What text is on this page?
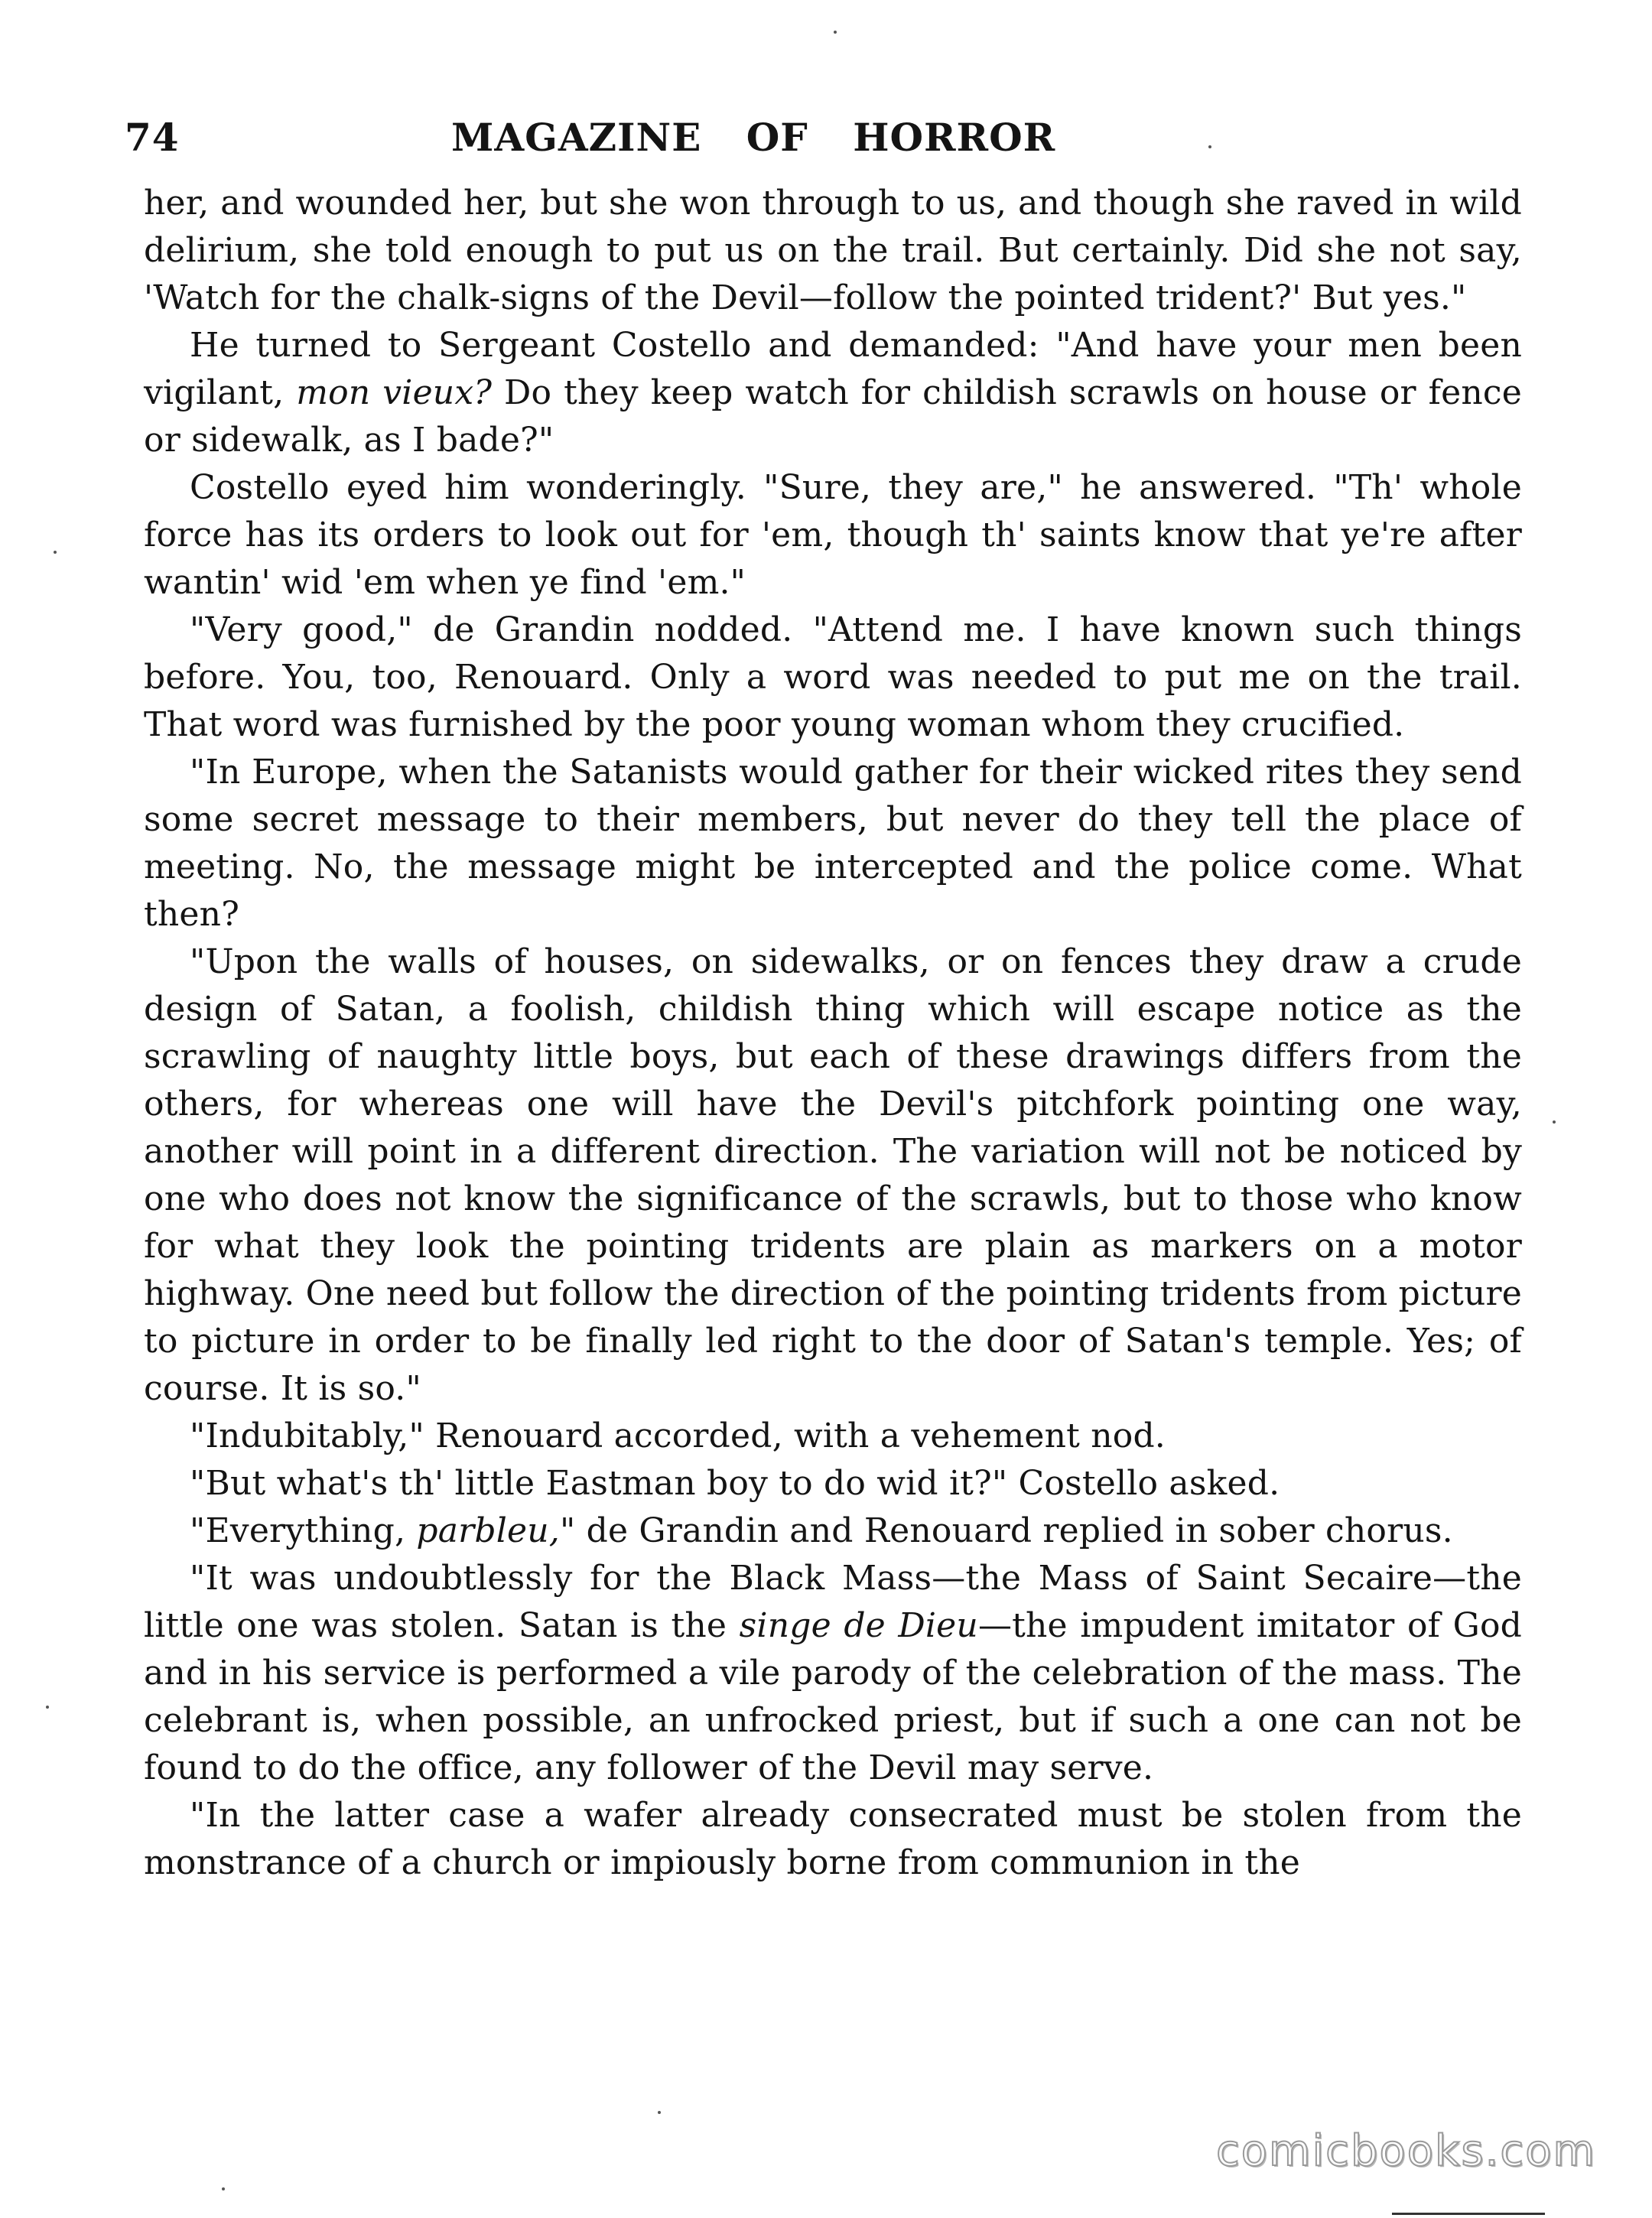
74	MAGAZINE OF HORROR

her, and wounded her, but she won through to us, and though she raved in wild delirium, she told enough to put us on the trail. But certainly. Did she not say, 'Watch for the chalk-signs of the Devil—follow the pointed trident?' But yes."

He turned to Sergeant Costello and demanded: "And have your men been vigilant, mon vieux? Do they keep watch for childish scrawls on house or fence or sidewalk, as I bade?"

Costello eyed him wonderingly. "Sure, they are," he answered. "Th' whole force has its orders to look out for 'em, though th' saints know that ye're after wantin' wid 'em when ye find 'em."

"Very good," de Grandin nodded. "Attend me. I have known such things before. You, too, Renouard. Only a word was needed to put me on the trail. That word was furnished by the poor young woman whom they crucified.

"In Europe, when the Satanists would gather for their wicked rites they send some secret message to their members, but never do they tell the place of meeting. No, the message might be intercepted and the police come. What then?

"Upon the walls of houses, on sidewalks, or on fences they draw a crude design of Satan, a foolish, childish thing which will escape notice as the scrawling of naughty little boys, but each of these drawings differs from the others, for whereas one will have the Devil's pitchfork pointing one way, another will point in a different direction. The variation will not be noticed by one who does not know the significance of the scrawls, but to those who know for what they look the pointing tridents are plain as markers on a motor highway. One need but follow the direction of the pointing tridents from picture to picture in order to be finally led right to the door of Satan's temple. Yes; of course. It is so."

"Indubitably," Renouard accorded, with a vehement nod.

"But what's th' little Eastman boy to do wid it?" Costello asked.

"Everything, parbleu," de Grandin and Renouard replied in sober chorus.

"It was undoubtlessly for the Black Mass—the Mass of Saint Secaire—the little one was stolen. Satan is the singe de Dieu—the impudent imitator of God and in his service is performed a vile parody of the celebration of the mass. The celebrant is, when possible, an unfrocked priest, but if such a one can not be found to do the office, any follower of the Devil may serve.

"In the latter case a wafer already consecrated must be stolen from the monstrance of a church or impiously borne from communion in the

comicbooks.com
